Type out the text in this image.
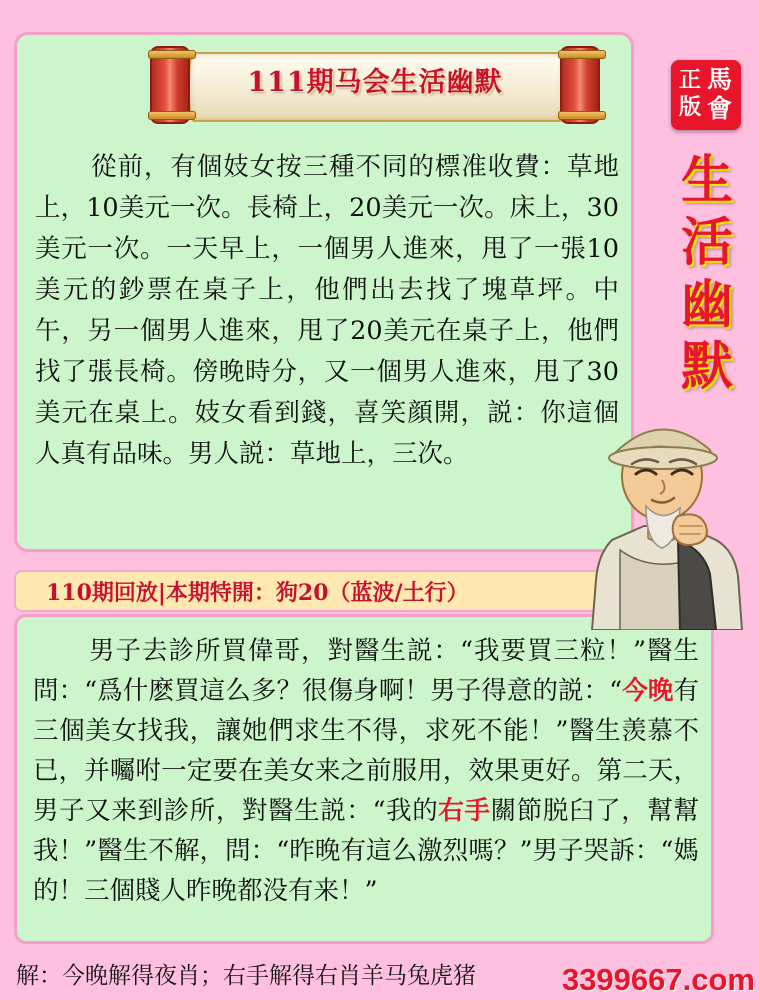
從前，有個妓女按三種不同的標准收費：草地上，10美元一次。長椅上，20美元一次。床上，30美元一次。一天早上，一個男人進來，甩了一張10美元的鈔票在桌子上，他們出去找了塊草坪。中午，另一個男人進來，甩了20美元在桌子上，他們找了張長椅。傍晚時分，又一個男人進來，甩了30美元在桌上。妓女看到錢，喜笑顔開，説：你這個人真有品味。男人説：草地上，三次。
111期马会生活幽默	正
版
馬
會
生
活
幽
默
110期回放|本期特開：狗20（蓝波/土行）
男子去診所買偉哥，對醫生説：“我要買三粒！”醫生問：“爲什麽買這么多？很傷身啊！男子得意的説：“今晚有三個美女找我，讓她們求生不得，求死不能！”醫生羡慕不已，并囑咐一定要在美女来之前服用，效果更好。第二天，男子又来到診所，對醫生説：“我的右手關節脱臼了，幫幫我！”醫生不解，問：“昨晚有這么激烈嗎？”男子哭訴：“媽的！三個賤人昨晚都没有来！”
解：今晚解得夜肖；右手解得右肖羊马兔虎猪	3399667.com
